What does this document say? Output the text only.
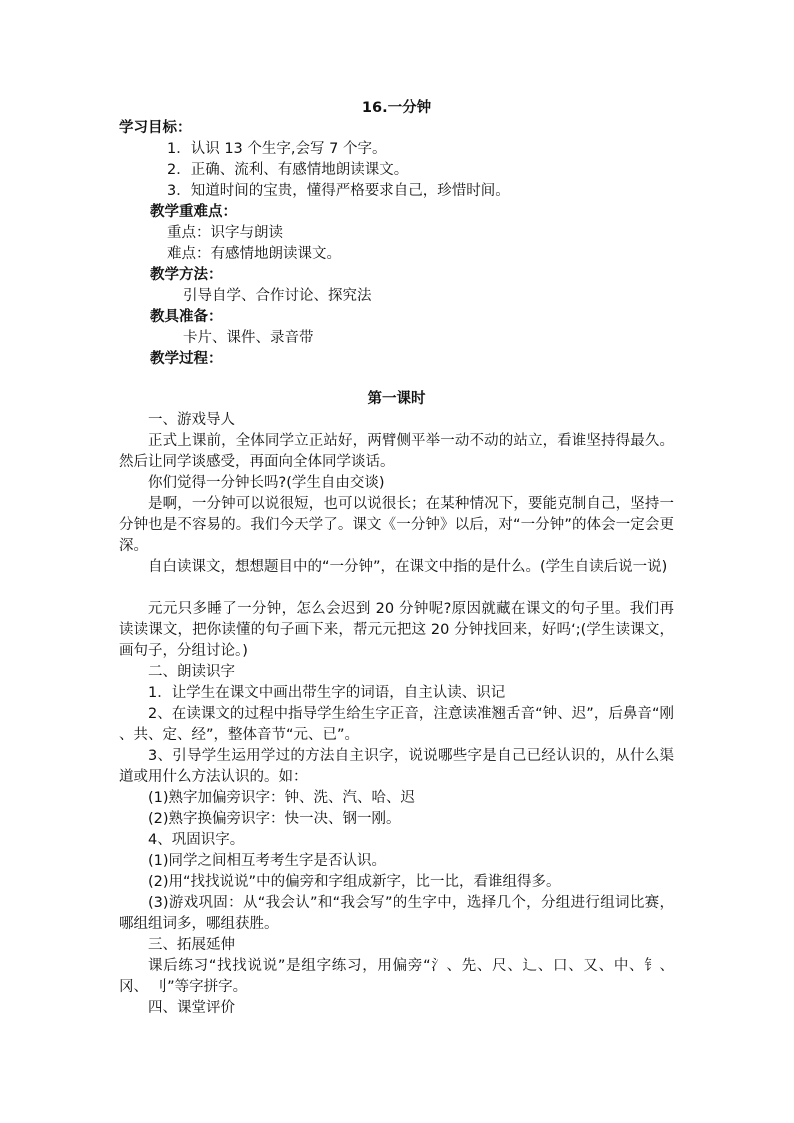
16.一分钟
学习目标：
1．认识 13 个生字,会写 7 个字。
2．正确、流利、有感情地朗读课文。
3．知道时间的宝贵，懂得严格要求自己，珍惜时间。
教学重难点：
重点：识字与朗读
难点：有感情地朗读课文。
教学方法：
引导自学、合作讨论、探究法
教具准备：
卡片、课件、录音带
教学过程：
第一课时
一、游戏导人
正式上课前，全体同学立正站好，两臂侧平举一动不动的站立，看谁坚持得最久。然后让同学谈感受，再面向全体同学谈话。
你们觉得一分钟长吗?(学生自由交谈)
是啊，一分钟可以说很短，也可以说很长；在某种情况下，要能克制自己，坚持一分钟也是不容易的。我们今天学了。课文《一分钟》以后，对“一分钟”的体会一定会更深。
自白读课文，想想题目中的“一分钟”，在课文中指的是什么。(学生自读后说一说)
元元只多睡了一分钟，怎么会迟到 20 分钟呢?原因就藏在课文的句子里。我们再读读课文，把你读懂的句子画下来，帮元元把这 20 分钟找回来，好吗‘;(学生读课文，画句子，分组讨论。)
二、朗读识字
1．让学生在课文中画出带生字的词语，自主认读、识记
2、在读课文的过程中指导学生给生字正音，注意读准翘舌音“钟、迟”，后鼻音“刚 、共、定、经”，整体音节“元、已”。
3、引导学生运用学过的方法自主识字，说说哪些字是自己已经认识的，从什么渠道或用什么方法认识的。如：
(1)熟字加偏旁识字：钟、洗、汽、哈、迟
(2)熟字换偏旁识字：快一决、钢一刚。
4、巩固识字。
(1)同学之间相互考考生字是否认识。
(2)用“找找说说”中的偏旁和字组成新字，比一比，看谁组得多。
(3)游戏巩固：从“我会认”和“我会写”的生字中，选择几个，分组进行组词比赛，哪组组词多，哪组获胜。
三、拓展延伸
课后练习“找找说说”是组字练习，用偏旁“氵、先、尺、辶、口、又、中、钅、冈、 刂”等字拼字。
四、课堂评价
